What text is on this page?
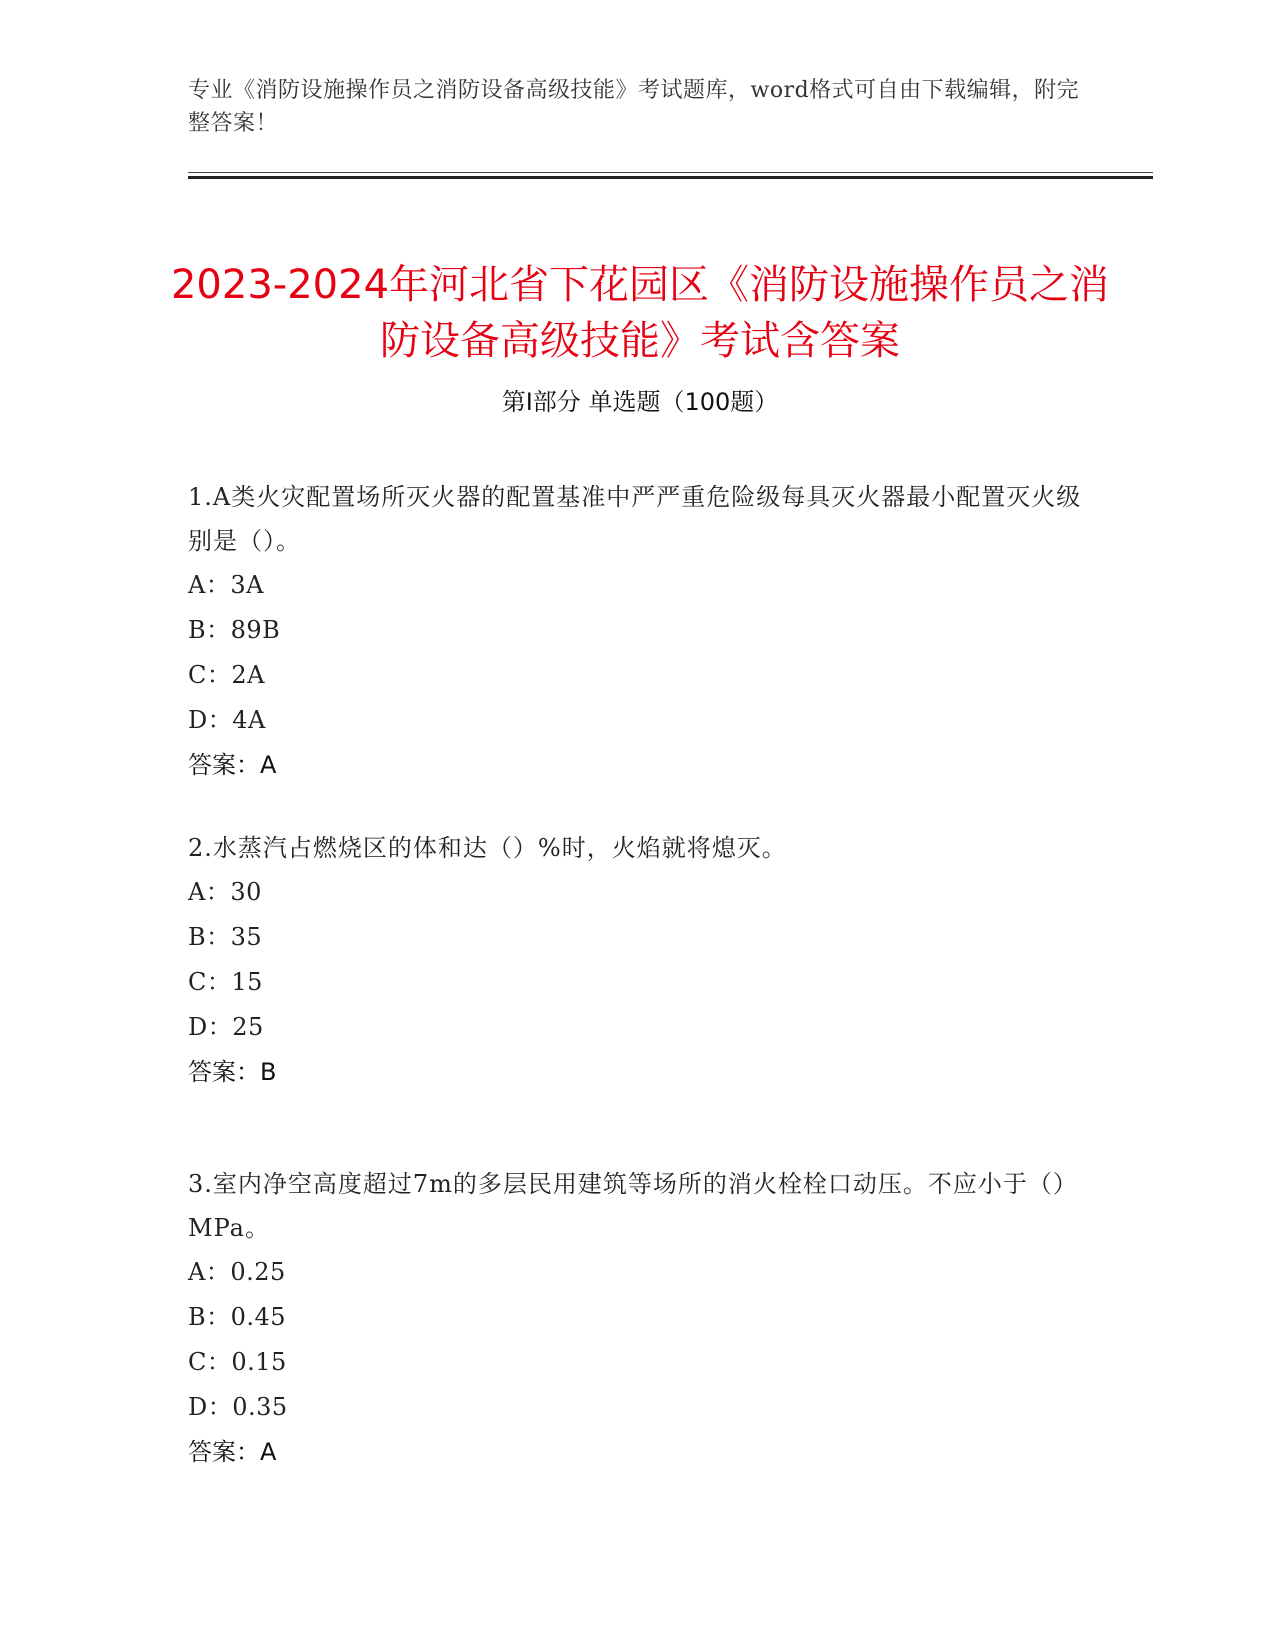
专业《消防设施操作员之消防设备高级技能》考试题库，word格式可自由下载编辑，附完整答案！
2023-2024年河北省下花园区《消防设施操作员之消防设备高级技能》考试含答案
第Ⅰ部分 单选题（100题）

1.A类火灾配置场所灭火器的配置基准中严严重危险级每具灭火器最小配置灭火级别是（）。

A：3A

B：89B

C：2A

D：4A

答案：A

2.水蒸汽占燃烧区的体和达（）%时，火焰就将熄灭。

A：30

B：35

C：15

D：25

答案：B

3.室内净空高度超过7m的多层民用建筑等场所的消火栓栓口动压。不应小于（）MPa。

A：0.25

B：0.45

C：0.15

D：0.35

答案：A
